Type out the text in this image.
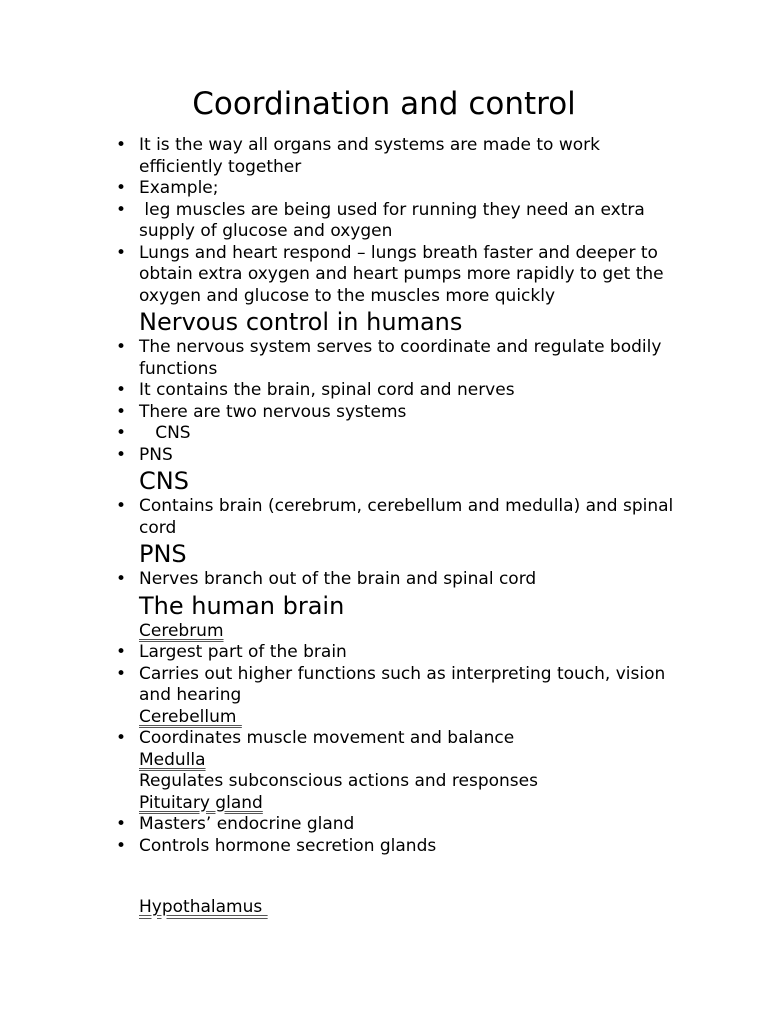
Coordination and control
• It is the way all organs and systems are made to work efficiently together
• Example;
•  leg muscles are being used for running they need an extra supply of glucose and oxygen
• Lungs and heart respond – lungs breath faster and deeper to obtain extra oxygen and heart pumps more rapidly to get the oxygen and glucose to the muscles more quickly
Nervous control in humans
• The nervous system serves to coordinate and regulate bodily functions
• It contains the brain, spinal cord and nerves
• There are two nervous systems
•    CNS
• PNS
CNS
• Contains brain (cerebrum, cerebellum and medulla) and spinal cord
PNS
• Nerves branch out of the brain and spinal cord
The human brain
Cerebrum
• Largest part of the brain
• Carries out higher functions such as interpreting touch, vision and hearing
Cerebellum
• Coordinates muscle movement and balance
Medulla
Regulates subconscious actions and responses
Pituitary gland
• Masters’ endocrine gland
• Controls hormone secretion glands
Hypothalamus
